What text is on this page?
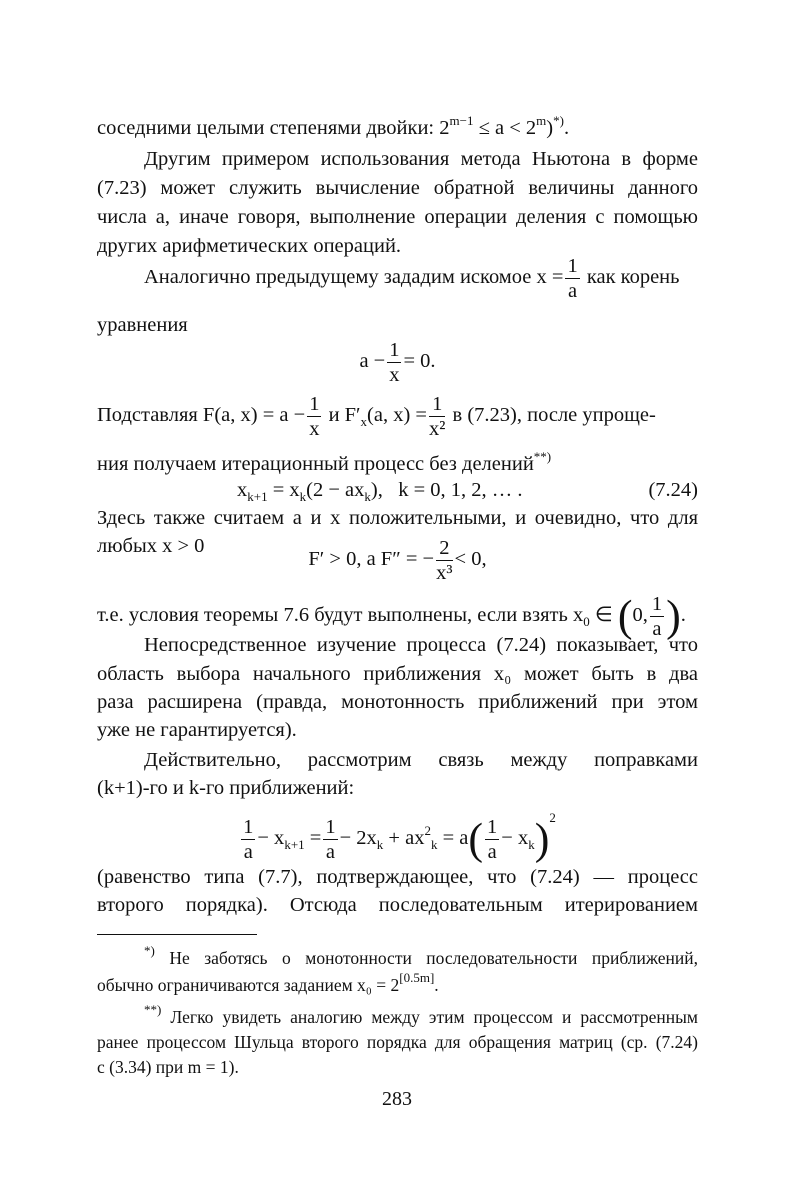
соседними целыми степенями двойки: $2^{m-1} \le a < 2^m)^{*)}$.
Другим примером использования метода Ньютона в форме
(7.23) может служить вычисление обратной величины данного
числа a, иначе говоря, выполнение операции деления с помощью
других арифметических операций.
Аналогично предыдущему зададим искомое $x = \frac{1}{a}$ как корень
уравнения
$a - \frac{1}{x} = 0$.
Подставляя F(a, $x) = a - \frac{1}{x}$ и $F'_x(a$, $x) = \frac{1}{\text{x²}}$ в (7.23), после упроще-
ния получаем итерационный процесс без делений**)
$x_{k+1} = x_k(2 - ax_k)$,   k = 0, 1, 2, … .	(7.24)
Здесь также считаем a и x положительными, и очевидно, что для
любых x > 0
F′ > 0, а F″ = − $\frac{2}{\text{x³}} < 0$,
т.е. условия теоремы 7.6 будут выполнены, если взять $x_0$ ∈ (0, $\frac{1}{a}$ ).
Непосредственное изучение процесса (7.24) показывает, что
область выбора начального приближения x₀ может быть в два
раза расширена (правда, монотонность приближений при этом
уже не гарантируется).
Действительно, рассмотрим связь между поправками
(k+1)-го и k-го приближений:
$\frac{1}{a} - x_{k+1} = \frac{1}{a} - 2x_k + ax^2_k = a( \frac{1}{a} - x_k)^2$
(равенство типа (7.7), подтверждающее, что (7.24) — процесс
второго порядка). Отсюда последовательным итерированием
*) Не заботясь о монотонности последовательности приближений,
обычно ограничиваются заданием x₀ = 2[0.5m].
**) Легко увидеть аналогию между этим процессом и рассмотренным
ранее процессом Шульца второго порядка для обращения матриц (ср. (7.24)
с (3.34) при m = 1).
283
